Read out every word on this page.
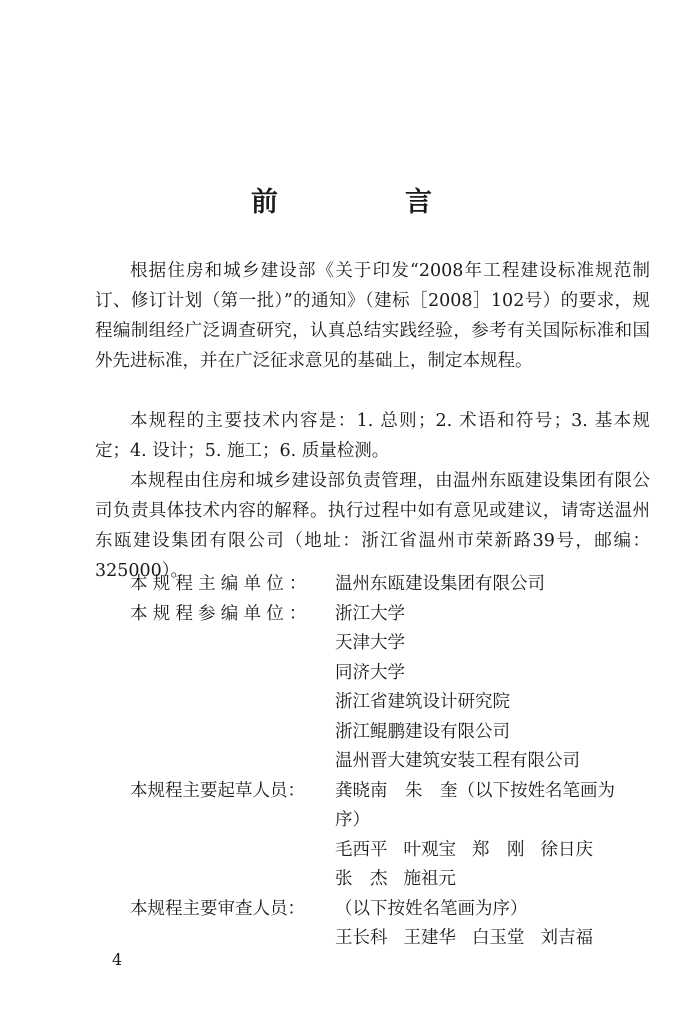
前　言

根据住房和城乡建设部《关于印发“2008年工程建设标准规范制订、修订计划（第一批）”的通知》（建标［2008］102号）的要求，规程编制组经广泛调查研究，认真总结实践经验，参考有关国际标准和国外先进标准，并在广泛征求意见的基础上，制定本规程。

本规程的主要技术内容是：1. 总则；2. 术语和符号；3. 基本规定；4. 设计；5. 施工；6. 质量检测。

本规程由住房和城乡建设部负责管理，由温州东瓯建设集团有限公司负责具体技术内容的解释。执行过程中如有意见或建议，请寄送温州东瓯建设集团有限公司（地址：浙江省温州市荣新路39号，邮编：325000）。

本规程主编单位：	温州东瓯建设集团有限公司
本规程参编单位：	浙江大学
天津大学
同济大学
浙江省建筑设计研究院
浙江鲲鹏建设有限公司
温州晋大建筑安装工程有限公司
本规程主要起草人员：	龚晓南　朱　奎（以下按姓名笔画为
序）
毛西平 叶观宝 郑　刚 徐日庆
张　杰 施祖元
本规程主要审查人员：	（以下按姓名笔画为序）
王长科 王建华 白玉堂 刘吉福
4
